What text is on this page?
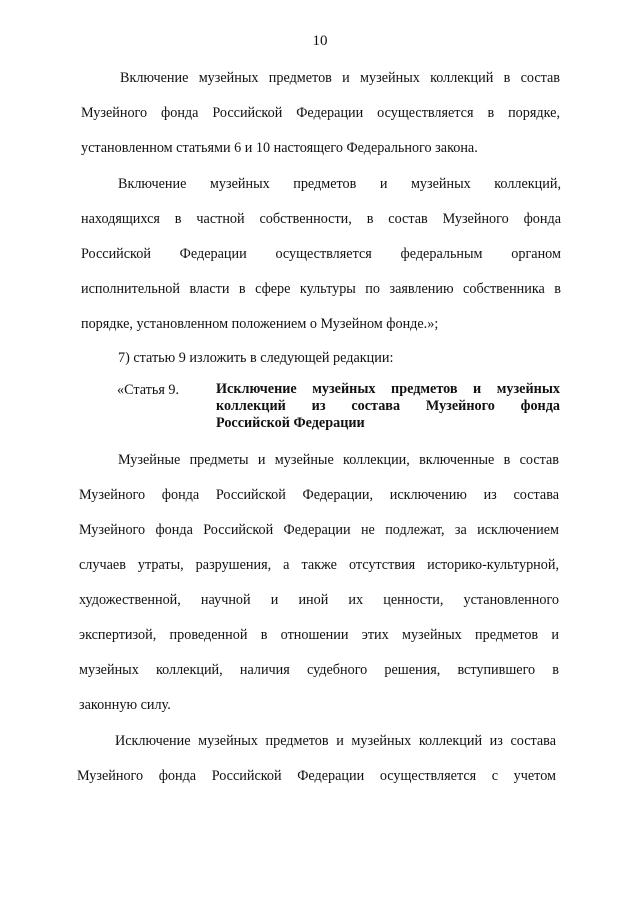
10
Включение музейных предметов и музейных коллекций в состав
Музейного фонда Российской Федерации осуществляется в порядке,
установленном статьями 6 и 10 настоящего Федерального закона.
Включение музейных предметов и музейных коллекций,
находящихся в частной собственности, в состав Музейного фонда
Российской Федерации осуществляется федеральным органом
исполнительной власти в сфере культуры по заявлению собственника в
порядке, установленном положением о Музейном фонде.»;
7) статью 9 изложить в следующей редакции:
«Статья 9.	Исключение музейных предметов и музейных
коллекций из состава Музейного фонда
Российской Федерации
Музейные предметы и музейные коллекции, включенные в состав
Музейного фонда Российской Федерации, исключению из состава
Музейного фонда Российской Федерации не подлежат, за исключением
случаев утраты, разрушения, а также отсутствия историко-культурной,
художественной, научной и иной их ценности, установленного
экспертизой, проведенной в отношении этих музейных предметов и
музейных коллекций, наличия судебного решения, вступившего в
законную силу.
Исключение музейных предметов и музейных коллекций из состава
Музейного фонда Российской Федерации осуществляется с учетом
